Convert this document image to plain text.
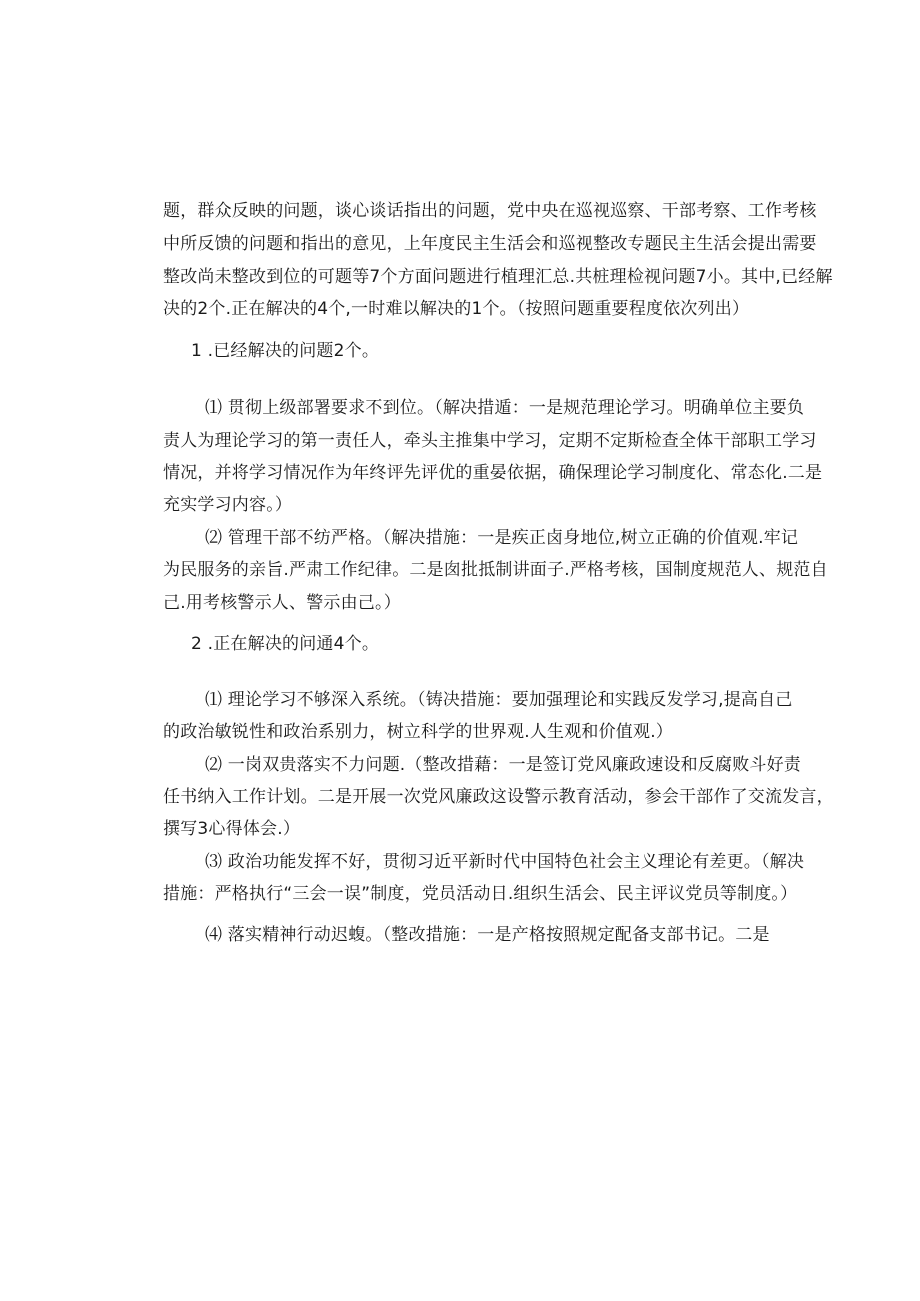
题，群众反映的问题，谈心谈话指出的问题，党中央在巡视巡察、干部考察、工作考核
中所反馈的问题和指出的意见，上年度民主生活会和巡视整改专题民主生活会提出需要
整改尚未整改到位的可题等7个方面问题进行植理汇总.共桩理检视问题7小。其中,已经解
决的2个.正在解决的4个,一时难以解决的1个。（按照问题重要程度依次列出）
1 .已经解决的问题2个。
⑴ 贯彻上级部署要求不到位。（解决措遁：一是规范理论学习。明确单位主要负
责人为理论学习的第一责任人，牵头主推集中学习，定期不定斯检查全体干部职工学习
情况，并将学习情况作为年终评先评优的重晏依据，确保理论学习制度化、常态化.二是
充实学习内容。）
⑵ 管理干部不纺严格。（解决措施：一是疾正卤身地位,树立正确的价值观.牢记
为民服务的亲旨.严肃工作纪律。二是囱批抵制讲面子.严格考核，国制度规范人、规范自
己.用考核警示人、警示由己。）
2 .正在解决的问通4个。
⑴ 理论学习不够深入系统。（铸决措施：要加强理论和实践反发学习,提高自己
的政治敏锐性和政治系别力，树立科学的世界观.人生观和价值观.）
⑵ 一岗双贵落实不力问题.（整改措藉：一是签订党风廉政速设和反腐败斗好责
任书纳入工作计划。二是开展一次党风廉政这设警示教育活动，参会干部作了交流发言，
撰写3心得体会.）
⑶ 政治功能发挥不好，贯彻习近平新时代中国特色社会主义理论有差更。（解决
措施：严格执行“三会一误”制度，党员活动日.组织生活会、民主评议党员等制度。）
⑷ 落实精神行动迟蝮。（整改措施：一是产格按照规定配备支部书记。二是
